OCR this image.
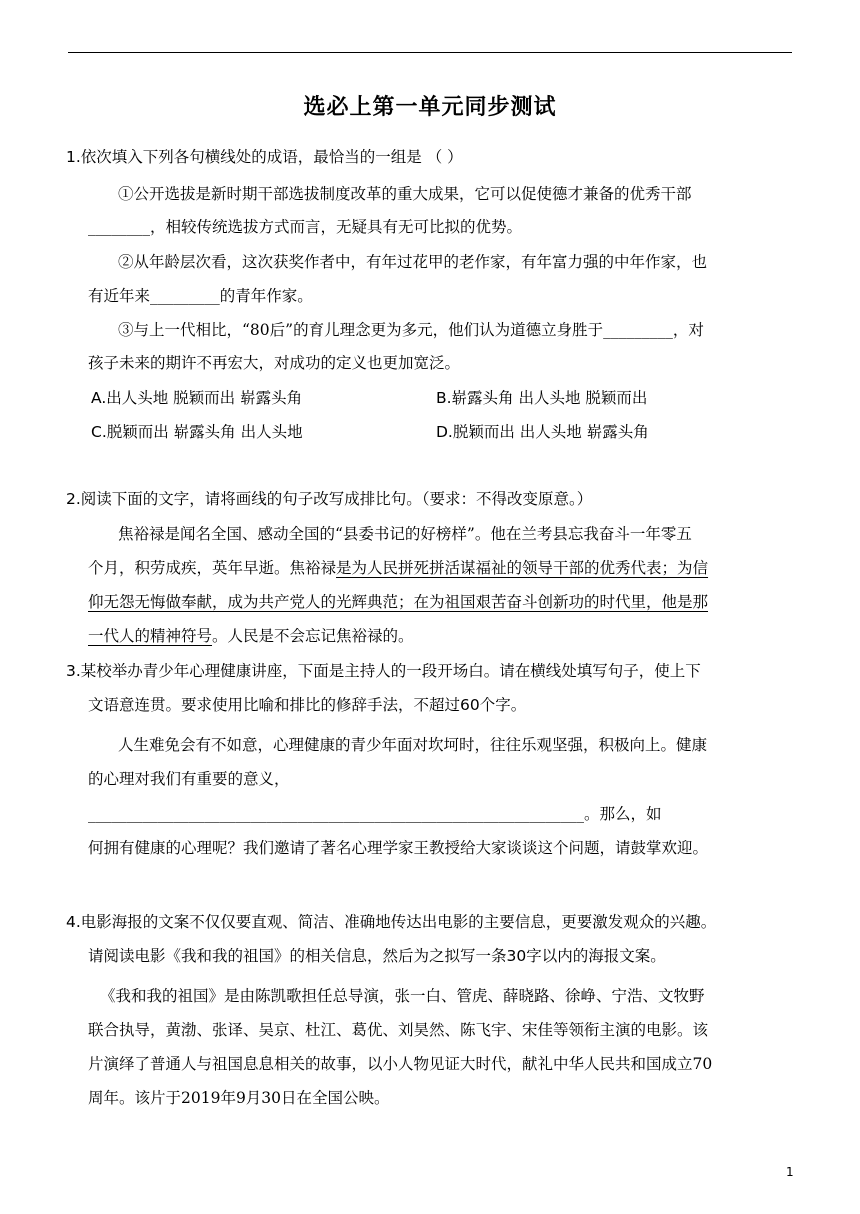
选必上第一单元同步测试
1.依次填入下列各句横线处的成语，最恰当的一组是 （ ）
①公开选拔是新时期干部选拔制度改革的重大成果，它可以促使德才兼备的优秀干部
________，相较传统选拔方式而言，无疑具有无可比拟的优势。
②从年龄层次看，这次获奖作者中，有年过花甲的老作家，有年富力强的中年作家，也
有近年来_________的青年作家。
③与上一代相比，“80后”的育儿理念更为多元，他们认为道德立身胜于_________，对
孩子未来的期许不再宏大，对成功的定义也更加宽泛。
A.出人头地 脱颖而出 崭露头角	B.崭露头角 出人头地 脱颖而出
C.脱颖而出 崭露头角 出人头地	D.脱颖而出 出人头地 崭露头角
2.阅读下面的文字，请将画线的句子改写成排比句。（要求：不得改变原意。）
焦裕禄是闻名全国、感动全国的“县委书记的好榜样”。他在兰考县忘我奋斗一年零五
个月，积劳成疾，英年早逝。焦裕禄是为人民拼死拼活谋福祉的领导干部的优秀代表；为信
仰无怨无悔做奉献，成为共产党人的光辉典范；在为祖国艰苦奋斗创新功的时代里，他是那
一代人的精神符号。人民是不会忘记焦裕禄的。
3.某校举办青少年心理健康讲座，下面是主持人的一段开场白。请在横线处填写句子，使上下
文语意连贯。要求使用比喻和排比的修辞手法，不超过60个字。
人生难免会有不如意，心理健康的青少年面对坎坷时，往往乐观坚强，积极向上。健康
的心理对我们有重要的意义，
________________________________________________________________。那么，如
何拥有健康的心理呢？我们邀请了著名心理学家王教授给大家谈谈这个问题，请鼓掌欢迎。
4.电影海报的文案不仅仅要直观、简洁、准确地传达出电影的主要信息，更要激发观众的兴趣。
请阅读电影《我和我的祖国》的相关信息，然后为之拟写一条30字以内的海报文案。
《我和我的祖国》是由陈凯歌担任总导演，张一白、管虎、薛晓路、徐峥、宁浩、文牧野
联合执导，黄渤、张译、吴京、杜江、葛优、刘昊然、陈飞宇、宋佳等领衔主演的电影。该
片演绎了普通人与祖国息息相关的故事，以小人物见证大时代，献礼中华人民共和国成立70
周年。该片于2019年9月30日在全国公映。
1
